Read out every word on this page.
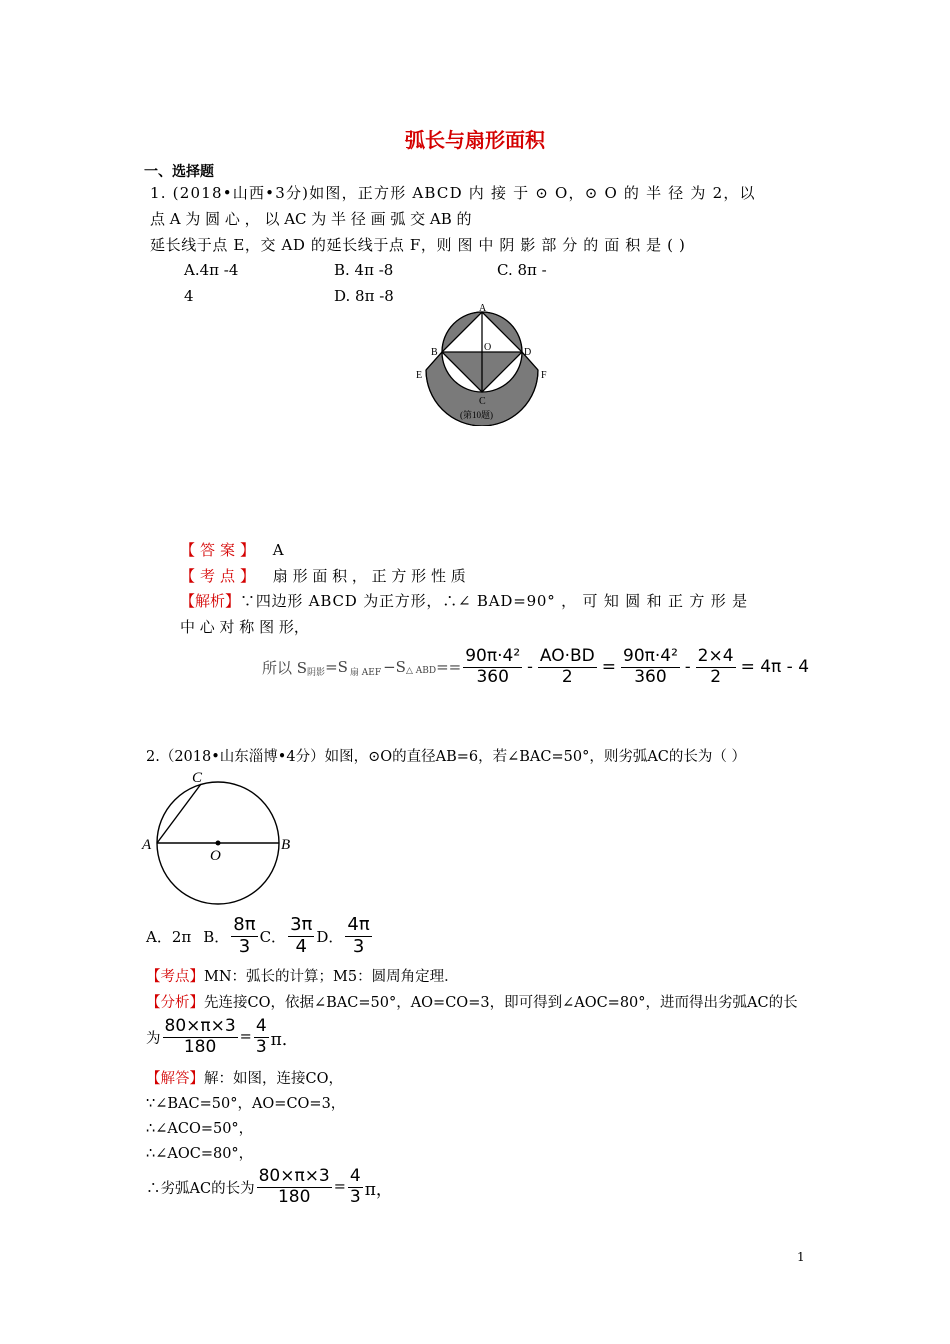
弧长与扇形面积
一、选择题
1. (2018•山西•3分)如图，正方形 ABCD 内 接 于 ⊙ O，⊙ O 的 半 径 为 2，以
点 A 为 圆 心 ， 以 AC 为 半 径 画 弧 交 AB 的
延长线于点 E，交 AD 的延长线于点 F，则 图 中 阴 影 部 分 的 面 积 是 ( )
A.4π -4	B. 4π -8	C. 8π -
4	D. 8π -8
A
B	O	D
E	F
C
(第10题)
【答案】 A
【考点】 扇 形 面 积 ， 正 方 形 性 质
【解析】∵四边形 ABCD 为正方形，∴∠ BAD=90° ， 可 知 圆 和 正 方 形 是
中 心 对 称 图 形，
所以 S 阴影 =S 扇 AEF −S △ ABD == $\frac{\text{90π·4²}}{360} - \frac{AO\cdot BD}{2} = \frac{\text{90π·4²}}{360} - \frac{2\times 4}{2} = 4\pi - 4$
2.（2018•山东淄博•4分）如图，⊙O的直径AB=6，若∠BAC=50°，则劣弧AC的长为（ ）
C
A
O
B
A．2π B． $\frac{8\pi}{3}$ C． $\frac{3\pi}{4}$ D． $\frac{4\pi}{3}$
【考点】MN：弧长的计算；M5：圆周角定理．
【分析】先连接CO，依据∠BAC=50°，AO=CO=3，即可得到∠AOC=80°，进而得出劣弧AC的长
为 $\frac{80\times\pi\times 3}{180} = \frac{4}{3}$ π．
【解答】解：如图，连接CO，
∵∠BAC=50°，AO=CO=3，
∴∠ACO=50°，
∴∠AOC=80°，
∴劣弧AC的长为 $\frac{80\times\pi\times 3}{180} = \frac{4}{3}$ π，
1
